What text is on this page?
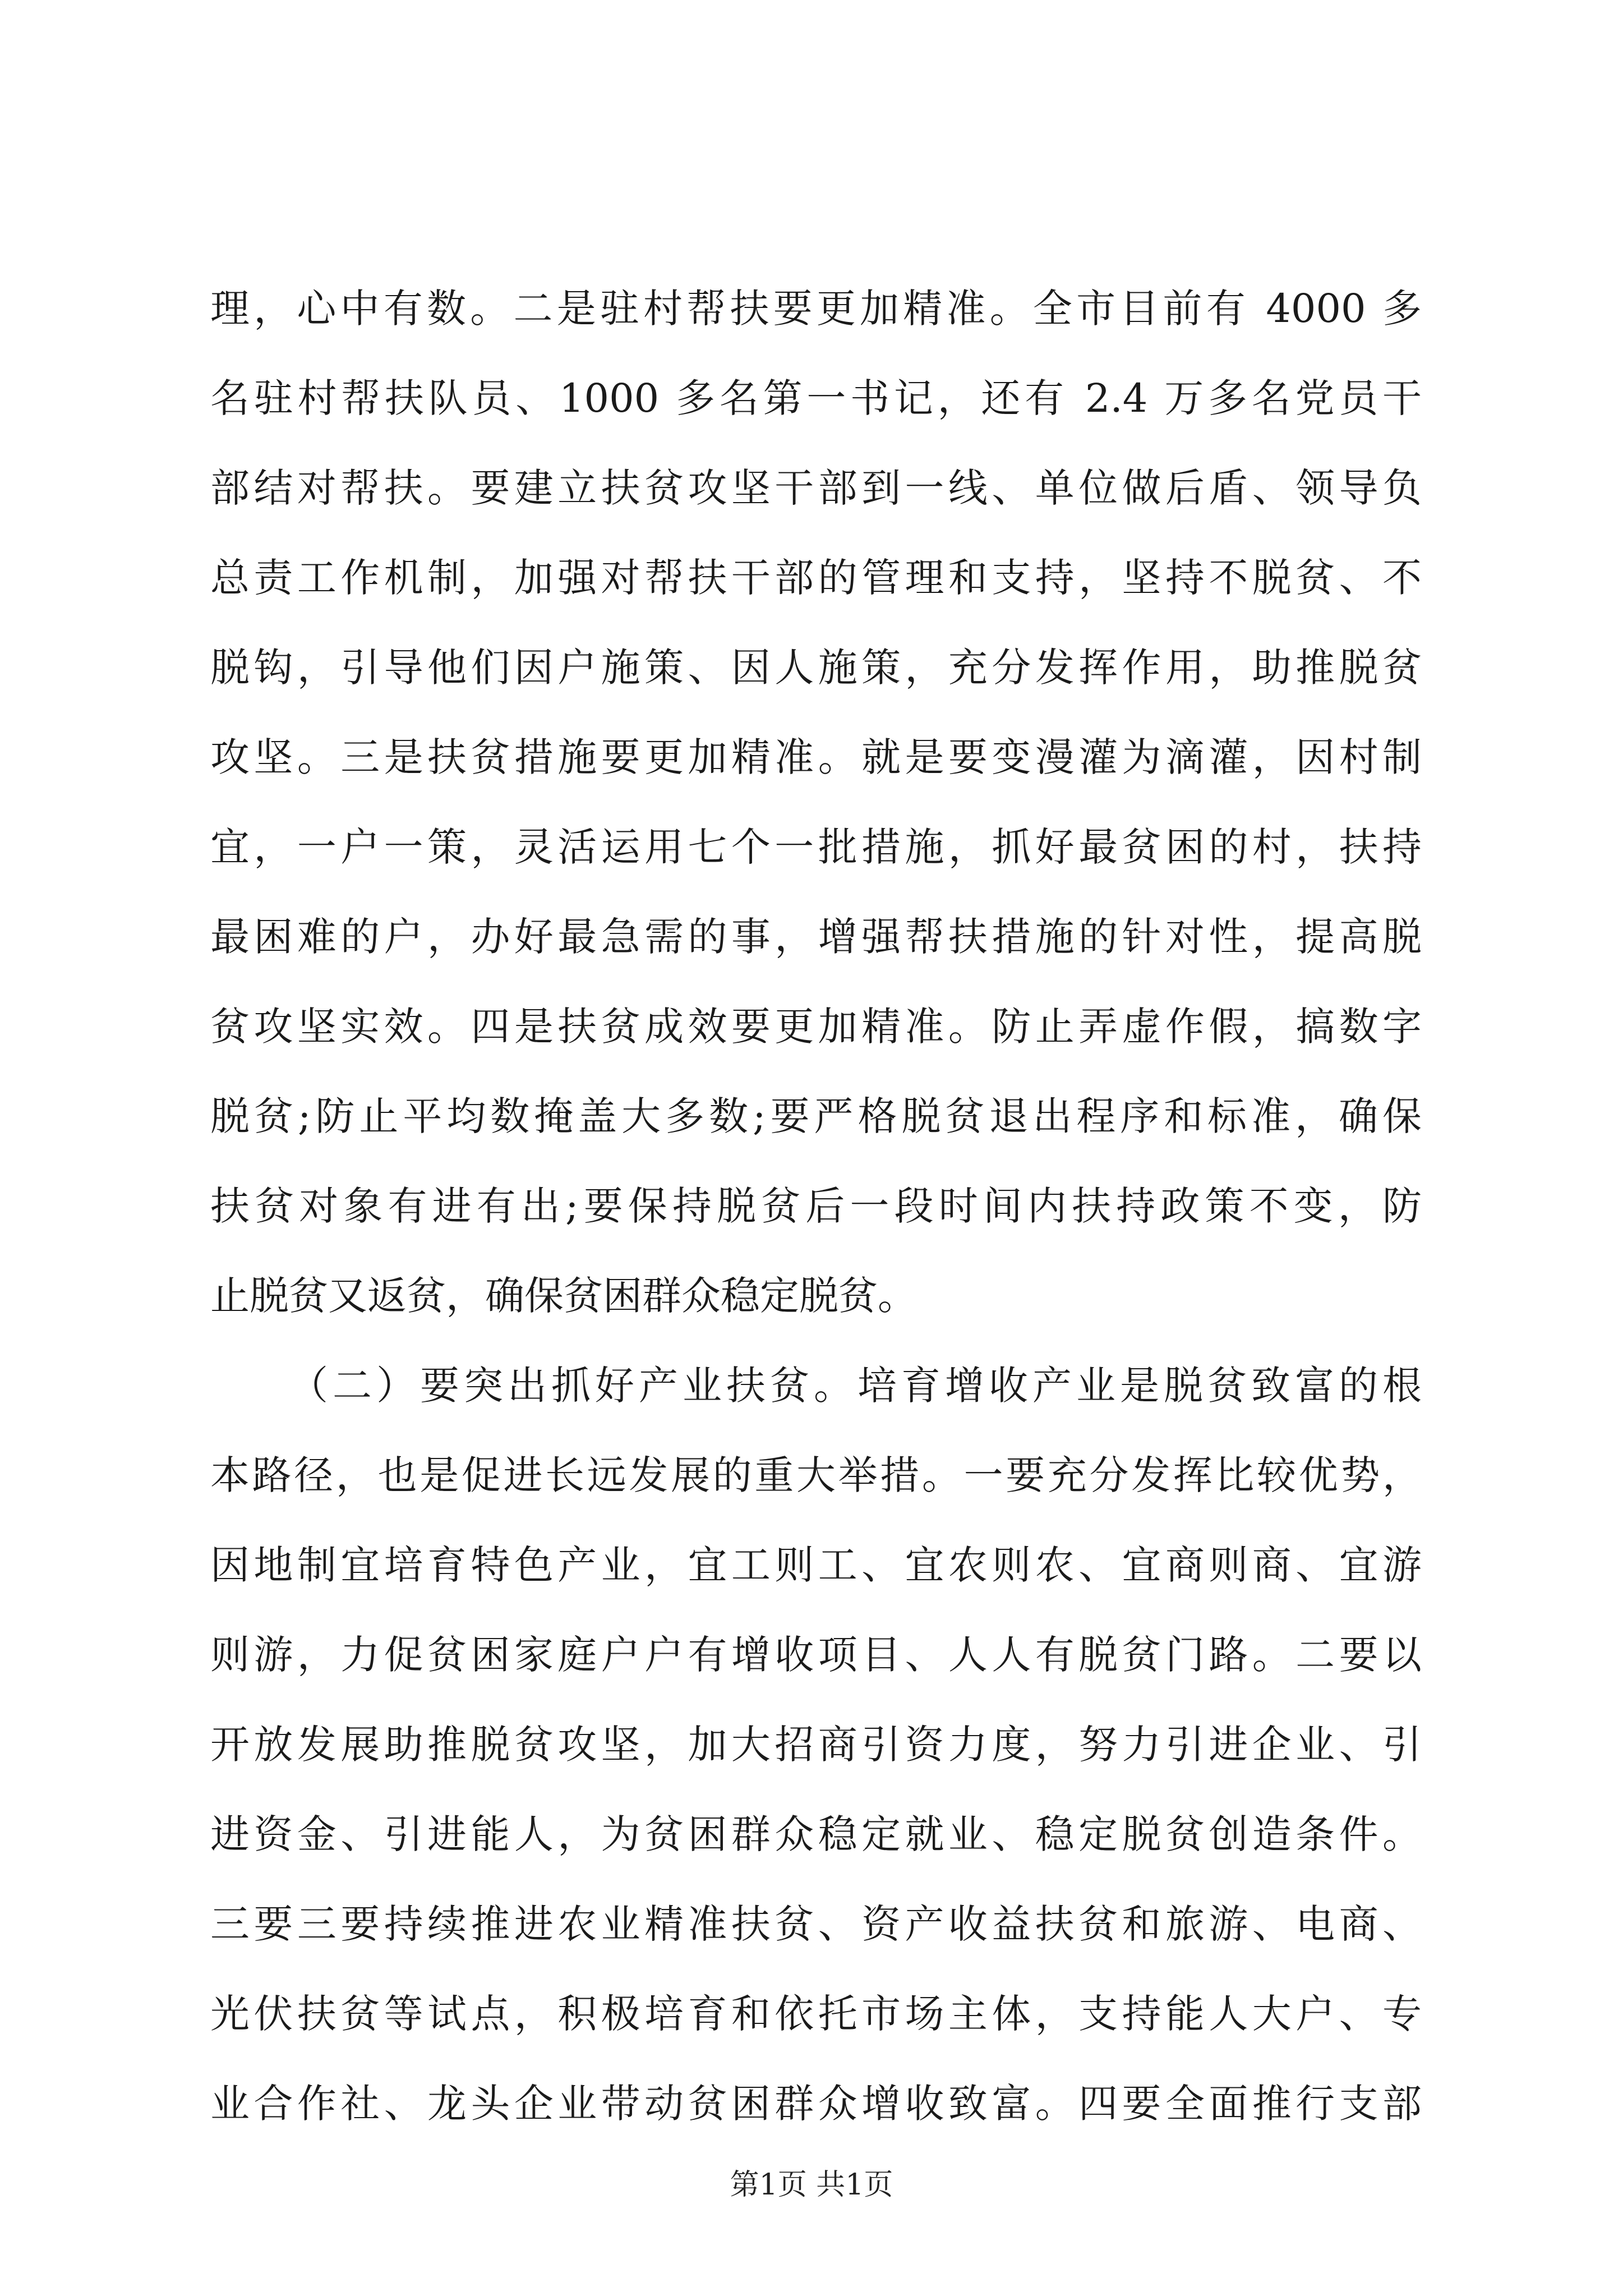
理，心中有数。二是驻村帮扶要更加精准。全市目前有 4000 多
名驻村帮扶队员、1000 多名第一书记，还有 2.4 万多名党员干
部结对帮扶。要建立扶贫攻坚干部到一线、单位做后盾、领导负
总责工作机制，加强对帮扶干部的管理和支持，坚持不脱贫、不
脱钩，引导他们因户施策、因人施策，充分发挥作用，助推脱贫
攻坚。三是扶贫措施要更加精准。就是要变漫灌为滴灌，因村制
宜，一户一策，灵活运用七个一批措施，抓好最贫困的村，扶持
最困难的户，办好最急需的事，增强帮扶措施的针对性，提高脱
贫攻坚实效。四是扶贫成效要更加精准。防止弄虚作假，搞数字
脱贫;防止平均数掩盖大多数;要严格脱贫退出程序和标准，确保
扶贫对象有进有出;要保持脱贫后一段时间内扶持政策不变，防
止脱贫又返贫，确保贫困群众稳定脱贫。
（二）要突出抓好产业扶贫。培育增收产业是脱贫致富的根
本路径，也是促进长远发展的重大举措。一要充分发挥比较优势，
因地制宜培育特色产业，宜工则工、宜农则农、宜商则商、宜游
则游，力促贫困家庭户户有增收项目、人人有脱贫门路。二要以
开放发展助推脱贫攻坚，加大招商引资力度，努力引进企业、引
进资金、引进能人，为贫困群众稳定就业、稳定脱贫创造条件。
三要三要持续推进农业精准扶贫、资产收益扶贫和旅游、电商、
光伏扶贫等试点，积极培育和依托市场主体，支持能人大户、专
业合作社、龙头企业带动贫困群众增收致富。四要全面推行支部
第1页 共1页
